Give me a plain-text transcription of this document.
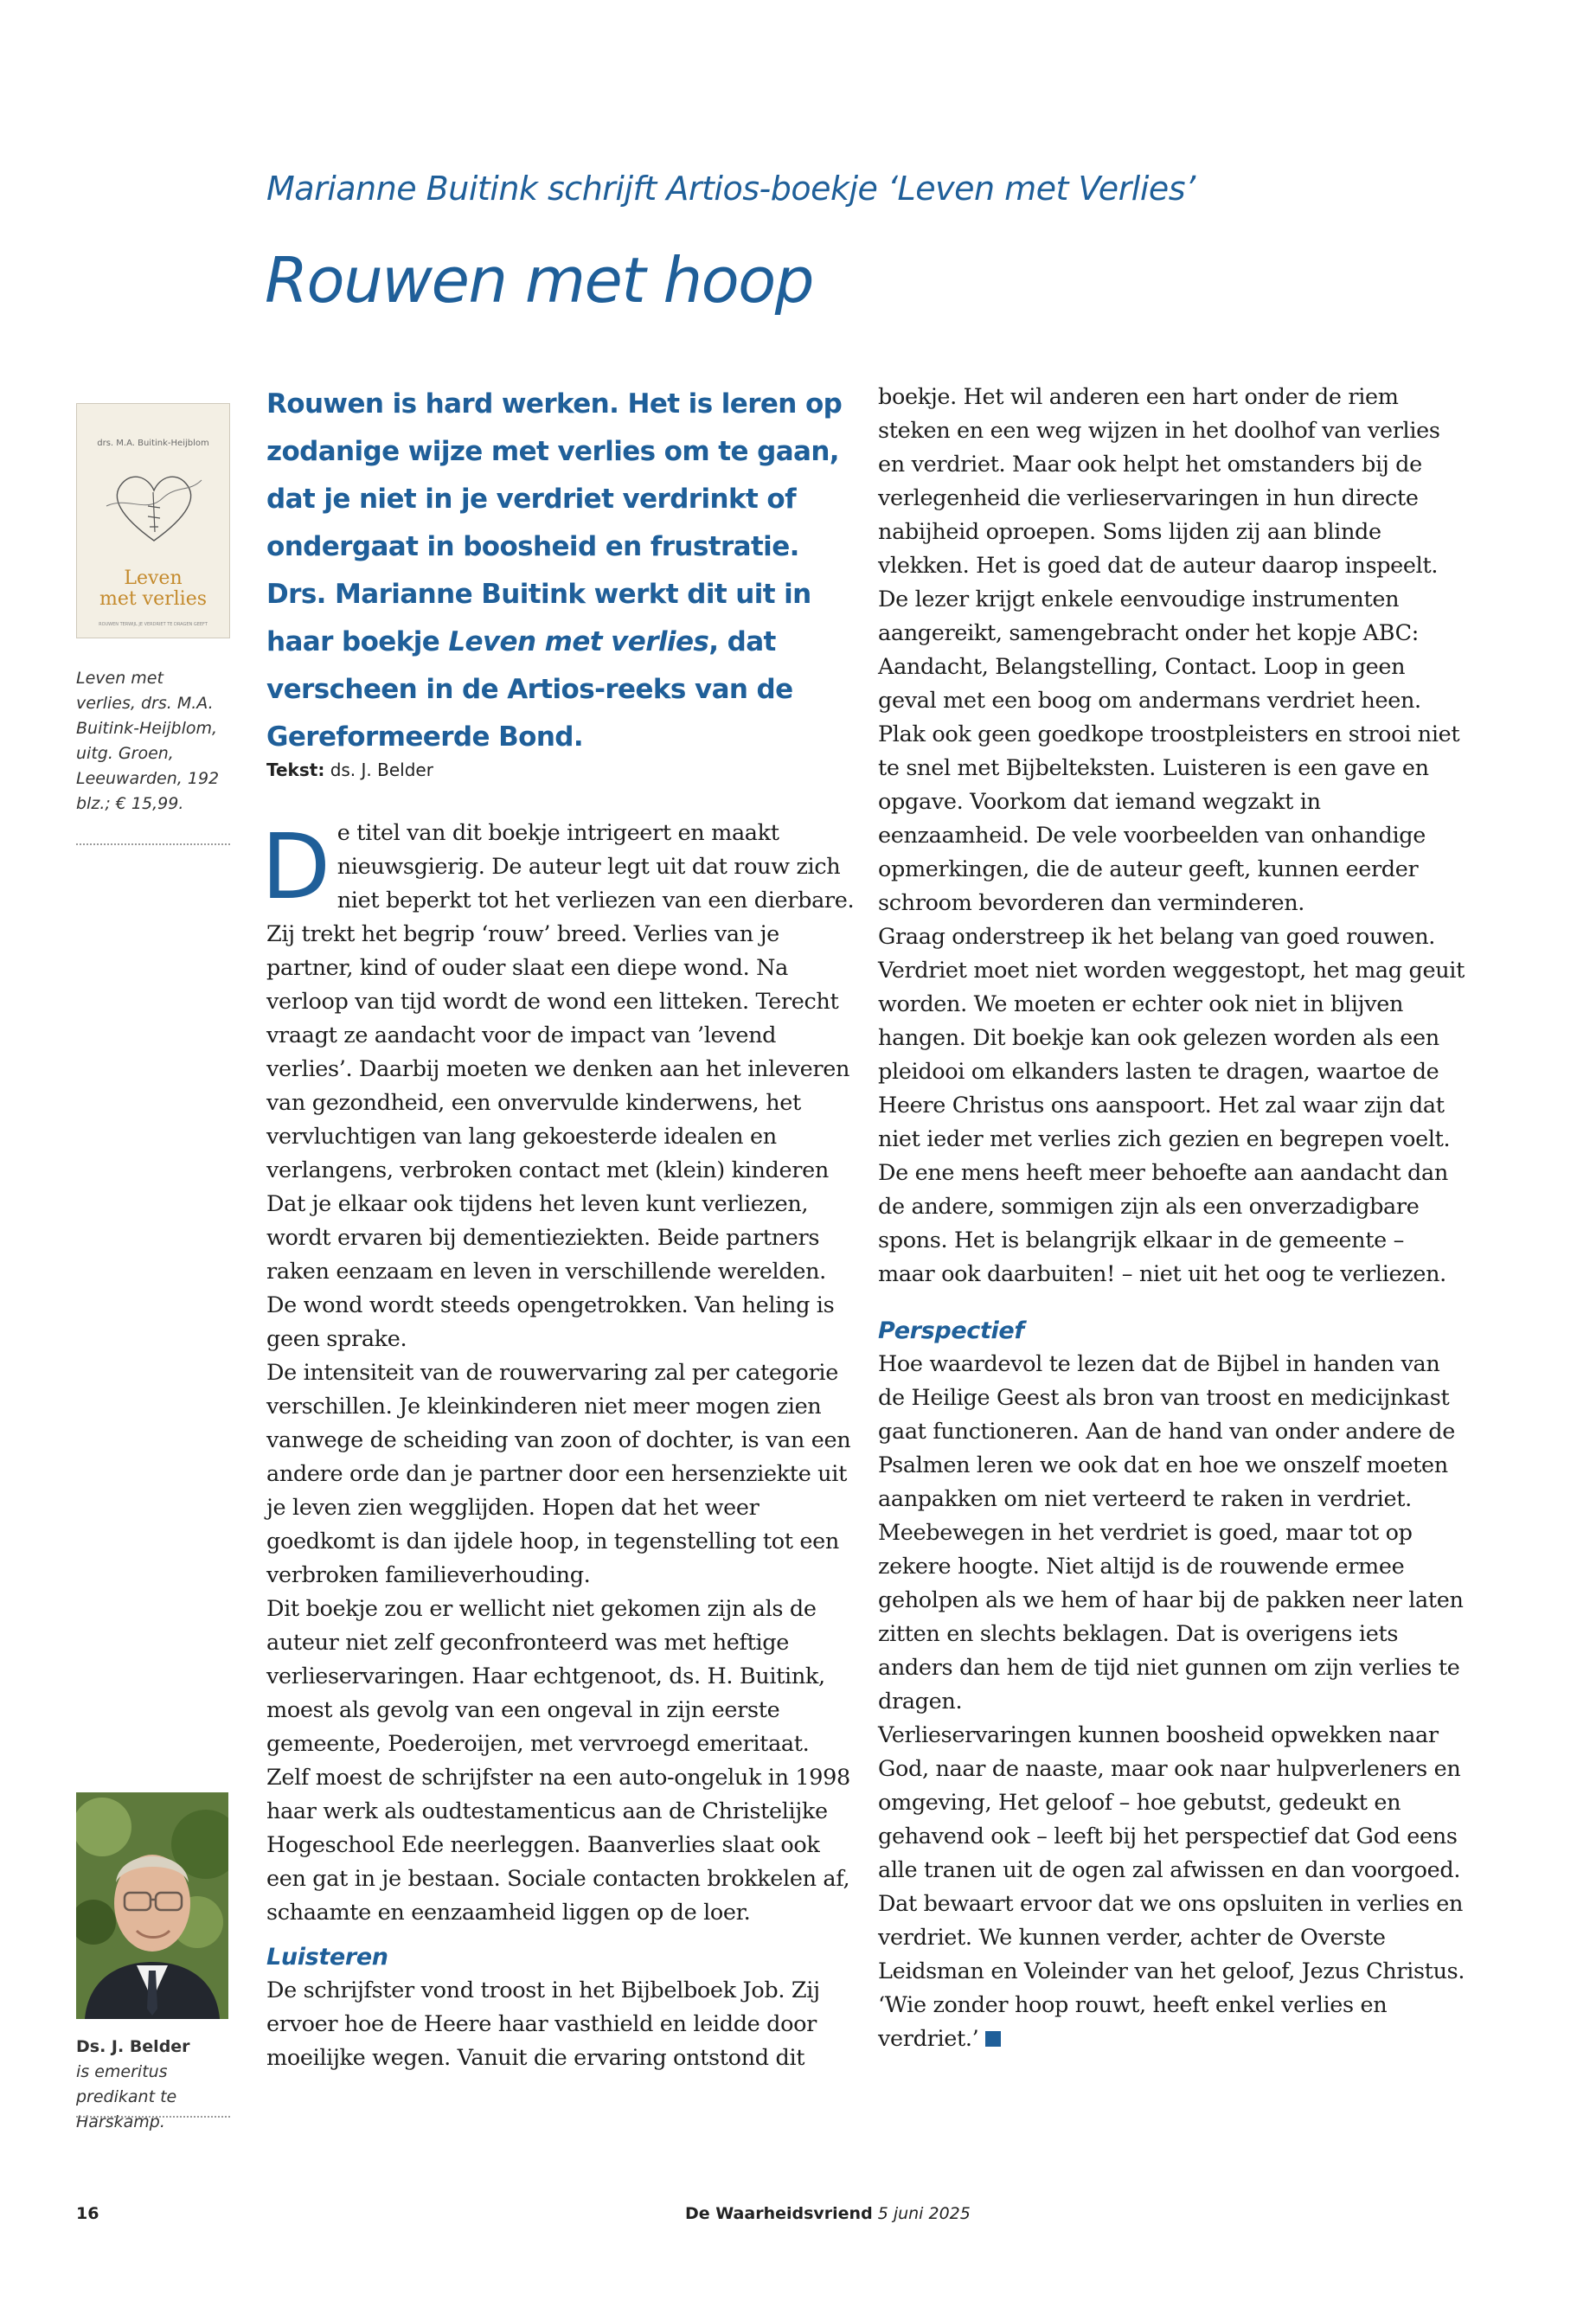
Marianne Buitink schrijft Artios-boekje ‘Leven met Verlies’
Rouwen met hoop
drs. M.A. Buitink-Heijblom
Leven
met verlies
ROUWEN TERWIJL JE VERDRIET TE DRAGEN GEEFT
Leven met verlies, drs. M.A. Buitink-Heijblom, uitg. Groen, Leeuwarden, 192 blz.; € 15,99.
Ds. J. Belder
is emeritus predikant te Harskamp.
Rouwen is hard werken. Het is leren op zodanige wijze met verlies om te gaan, dat je niet in je verdriet verdrinkt of ondergaat in boosheid en frustratie. Drs. Marianne Buitink werkt dit uit in haar boekje Leven met verlies, dat verscheen in de Artios-reeks van de Gereformeerde Bond.
Tekst: ds. J. Belder

De titel van dit boekje intrigeert en maakt nieuwsgierig. De auteur legt uit dat rouw zich niet beperkt tot het verliezen van een dierbare. Zij trekt het begrip ‘rouw’ breed. Verlies van je partner, kind of ouder slaat een diepe wond. Na verloop van tijd wordt de wond een litteken. Terecht vraagt ze aandacht voor de impact van ’levend verlies’. Daarbij moeten we denken aan het inleveren van gezondheid, een onvervulde kinderwens, het vervluchtigen van lang gekoesterde idealen en verlangens, verbroken contact met (klein) kinderen Dat je elkaar ook tijdens het leven kunt verliezen, wordt ervaren bij dementieziekten. Beide partners raken eenzaam en leven in verschillende werelden. De wond wordt steeds opengetrokken. Van heling is geen sprake.

De intensiteit van de rouwervaring zal per categorie verschillen. Je kleinkinderen niet meer mogen zien vanwege de scheiding van zoon of dochter, is van een andere orde dan je partner door een hersenziekte uit je leven zien wegglijden. Hopen dat het weer goedkomt is dan ijdele hoop, in tegenstelling tot een verbroken familieverhouding.

Dit boekje zou er wellicht niet gekomen zijn als de auteur niet zelf geconfronteerd was met heftige verlieservaringen. Haar echtgenoot, ds. H. Buitink, moest als gevolg van een ongeval in zijn eerste gemeente, Poederoijen, met vervroegd emeritaat. Zelf moest de schrijfster na een auto-ongeluk in 1998 haar werk als oudtestamenticus aan de Christelijke Hogeschool Ede neerleggen. Baanverlies slaat ook een gat in je bestaan. Sociale contacten brokkelen af, schaamte en eenzaamheid liggen op de loer.

Luisteren

De schrijfster vond troost in het Bijbelboek Job. Zij ervoer hoe de Heere haar vasthield en leidde door moeilijke wegen. Vanuit die ervaring ontstond dit

boekje. Het wil anderen een hart onder de riem steken en een weg wijzen in het doolhof van verlies en verdriet. Maar ook helpt het omstanders bij de verlegenheid die verlieservaringen in hun directe nabijheid oproepen. Soms lijden zij aan blinde vlekken. Het is goed dat de auteur daarop inspeelt. De lezer krijgt enkele eenvoudige instrumenten aangereikt, samengebracht onder het kopje ABC: Aandacht, Belangstelling, Contact. Loop in geen geval met een boog om andermans verdriet heen. Plak ook geen goedkope troostpleisters en strooi niet te snel met Bijbelteksten. Luisteren is een gave en opgave. Voorkom dat iemand wegzakt in eenzaamheid. De vele voorbeelden van onhandige opmerkingen, die de auteur geeft, kunnen eerder schroom bevorderen dan verminderen.

Graag onderstreep ik het belang van goed rouwen. Verdriet moet niet worden weggestopt, het mag geuit worden. We moeten er echter ook niet in blijven hangen. Dit boekje kan ook gelezen worden als een pleidooi om elkanders lasten te dragen, waartoe de Heere Christus ons aanspoort. Het zal waar zijn dat niet ieder met verlies zich gezien en begrepen voelt. De ene mens heeft meer behoefte aan aandacht dan de andere, sommigen zijn als een onverzadigbare spons. Het is belangrijk elkaar in de gemeente – maar ook daarbuiten! – niet uit het oog te verliezen.

Perspectief

Hoe waardevol te lezen dat de Bijbel in handen van de Heilige Geest als bron van troost en medicijnkast gaat functioneren. Aan de hand van onder andere de Psalmen leren we ook dat en hoe we onszelf moeten aanpakken om niet verteerd te raken in verdriet. Meebewegen in het verdriet is goed, maar tot op zekere hoogte. Niet altijd is de rouwende ermee geholpen als we hem of haar bij de pakken neer laten zitten en slechts beklagen. Dat is overigens iets anders dan hem de tijd niet gunnen om zijn verlies te dragen.

Verlieservaringen kunnen boosheid opwekken naar God, naar de naaste, maar ook naar hulpverleners en omgeving, Het geloof – hoe gebutst, gedeukt en gehavend ook – leeft bij het perspectief dat God eens alle tranen uit de ogen zal afwissen en dan voorgoed. Dat bewaart ervoor dat we ons opsluiten in verlies en verdriet. We kunnen verder, achter de Overste Leidsman en Voleinder van het geloof, Jezus Christus. ‘Wie zonder hoop rouwt, heeft enkel verlies en verdriet.’

16	De Waarheidsvriend 5 juni 2025
